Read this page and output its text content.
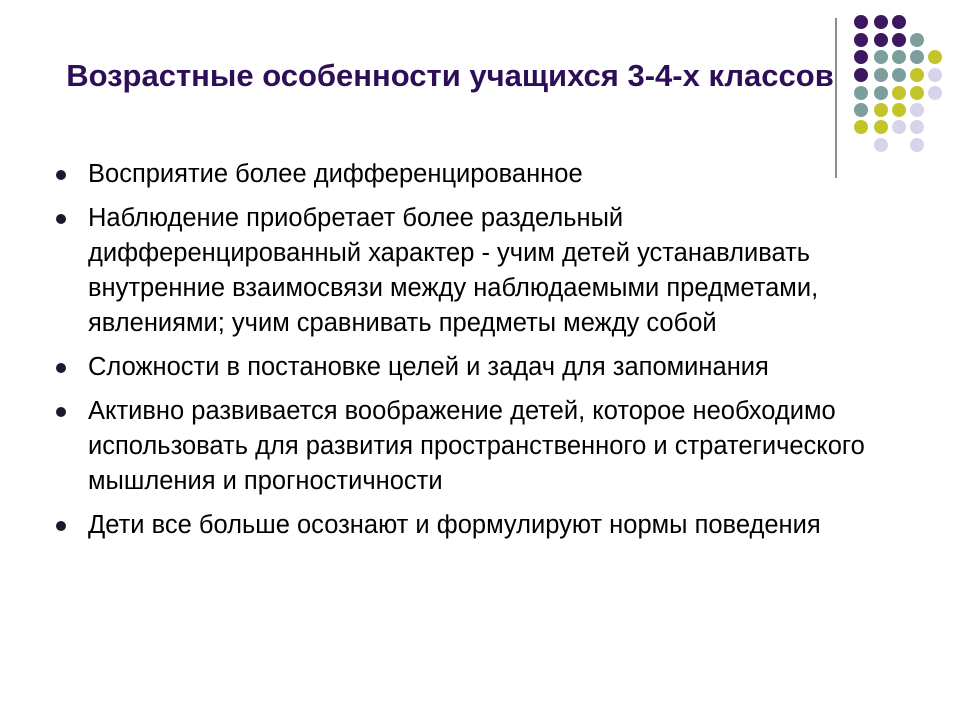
Возрастные особенности учащихся 3-4-х классов
Восприятие более дифференцированное
Наблюдение приобретает более раздельный дифференцированный характер - учим детей устанавливать внутренние взаимосвязи между наблюдаемыми предметами, явлениями; учим сравнивать предметы между собой
Сложности в постановке целей и задач для запоминания
Активно развивается воображение детей, которое необходимо использовать для развития пространственного и стратегического мышления и прогностичности
Дети все больше осознают и формулируют нормы поведения
